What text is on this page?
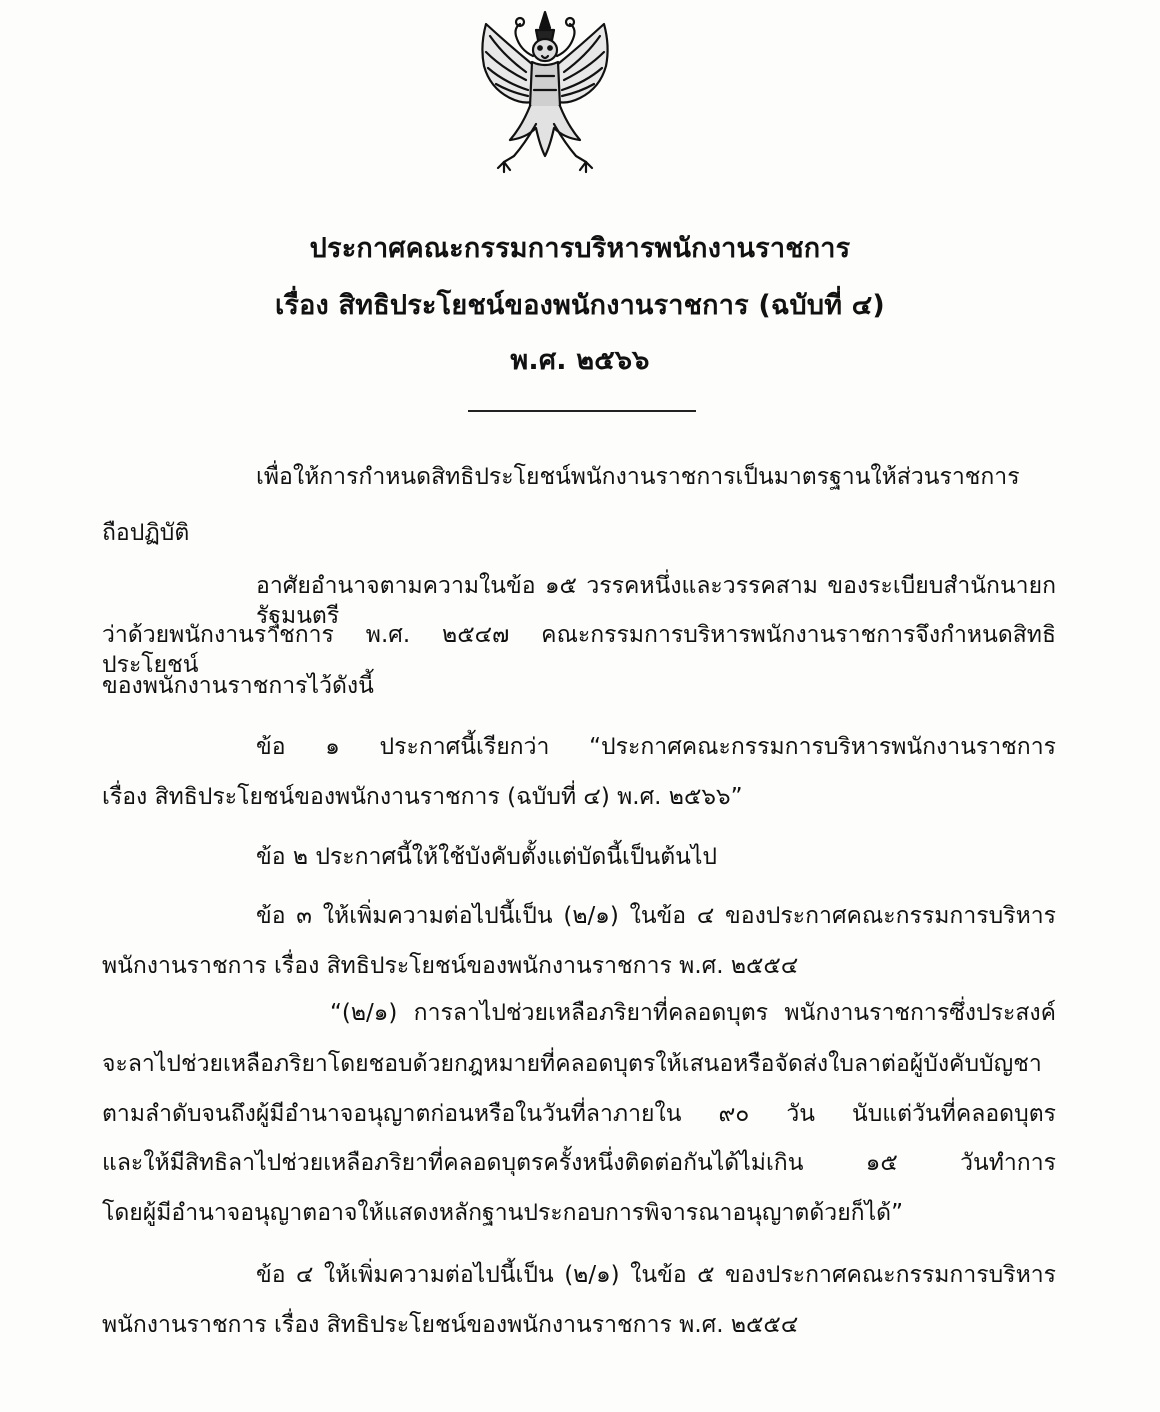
ประกาศคณะกรรมการบริหารพนักงานราชการ
เรื่อง สิทธิประโยชน์ของพนักงานราชการ (ฉบับที่ ๔)
พ.ศ. ๒๕๖๖
เพื่อให้การกำหนดสิทธิประโยชน์พนักงานราชการเป็นมาตรฐานให้ส่วนราชการ
ถือปฏิบัติ
อาศัยอำนาจตามความในข้อ ๑๕ วรรคหนึ่งและวรรคสาม ของระเบียบสำนักนายกรัฐมนตรี
ว่าด้วยพนักงานราชการ พ.ศ. ๒๕๔๗ คณะกรรมการบริหารพนักงานราชการจึงกำหนดสิทธิประโยชน์
ของพนักงานราชการไว้ดังนี้
ข้อ ๑ ประกาศนี้เรียกว่า “ประกาศคณะกรรมการบริหารพนักงานราชการ
เรื่อง สิทธิประโยชน์ของพนักงานราชการ (ฉบับที่ ๔) พ.ศ. ๒๕๖๖”
ข้อ ๒ ประกาศนี้ให้ใช้บังคับตั้งแต่บัดนี้เป็นต้นไป
ข้อ ๓ ให้เพิ่มความต่อไปนี้เป็น (๒/๑) ในข้อ ๔ ของประกาศคณะกรรมการบริหาร
พนักงานราชการ เรื่อง สิทธิประโยชน์ของพนักงานราชการ พ.ศ. ๒๕๕๔
“(๒/๑) การลาไปช่วยเหลือภริยาที่คลอดบุตร พนักงานราชการซึ่งประสงค์
จะลาไปช่วยเหลือภริยาโดยชอบด้วยกฎหมายที่คลอดบุตรให้เสนอหรือจัดส่งใบลาต่อผู้บังคับบัญชา
ตามลำดับจนถึงผู้มีอำนาจอนุญาตก่อนหรือในวันที่ลาภายใน ๙๐ วัน นับแต่วันที่คลอดบุตร
และให้มีสิทธิลาไปช่วยเหลือภริยาที่คลอดบุตรครั้งหนึ่งติดต่อกันได้ไม่เกิน ๑๕ วันทำการ
โดยผู้มีอำนาจอนุญาตอาจให้แสดงหลักฐานประกอบการพิจารณาอนุญาตด้วยก็ได้”
ข้อ ๔ ให้เพิ่มความต่อไปนี้เป็น (๒/๑) ในข้อ ๕ ของประกาศคณะกรรมการบริหาร
พนักงานราชการ เรื่อง สิทธิประโยชน์ของพนักงานราชการ พ.ศ. ๒๕๕๔
